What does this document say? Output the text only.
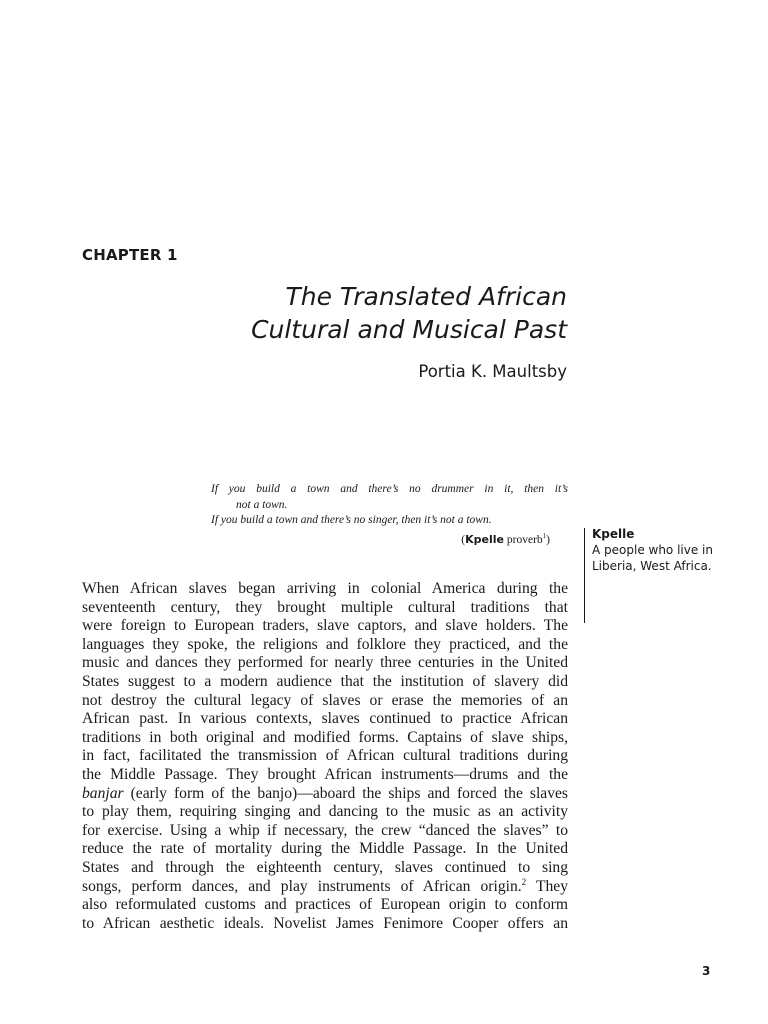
CHAPTER 1
The Translated African
Cultural and Musical Past
Portia K. Maultsby
If you build a town and there’s no drummer in it, then it’s
not a town.
If you build a town and there’s no singer, then it’s not a town.
(Kpelle proverb$^1$)	Kpelle
A people who live in
Liberia, West Africa.
When African slaves began arriving in colonial America during the
seventeenth century, they brought multiple cultural traditions that
were foreign to European traders, slave captors, and slave holders. The
languages they spoke, the religions and folklore they practiced, and the
music and dances they performed for nearly three centuries in the United
States suggest to a modern audience that the institution of slavery did
not destroy the cultural legacy of slaves or erase the memories of an
African past. In various contexts, slaves continued to practice African
traditions in both original and modified forms. Captains of slave ships,
in fact, facilitated the transmission of African cultural traditions during
the Middle Passage. They brought African instruments—drums and the
banjar (early form of the banjo)—aboard the ships and forced the slaves
to play them, requiring singing and dancing to the music as an activity
for exercise. Using a whip if necessary, the crew “danced the slaves” to
reduce the rate of mortality during the Middle Passage. In the United
States and through the eighteenth century, slaves continued to sing
songs, perform dances, and play instruments of African origin.$^2$ They
also reformulated customs and practices of European origin to conform
to African aesthetic ideals. Novelist James Fenimore Cooper offers an
3
